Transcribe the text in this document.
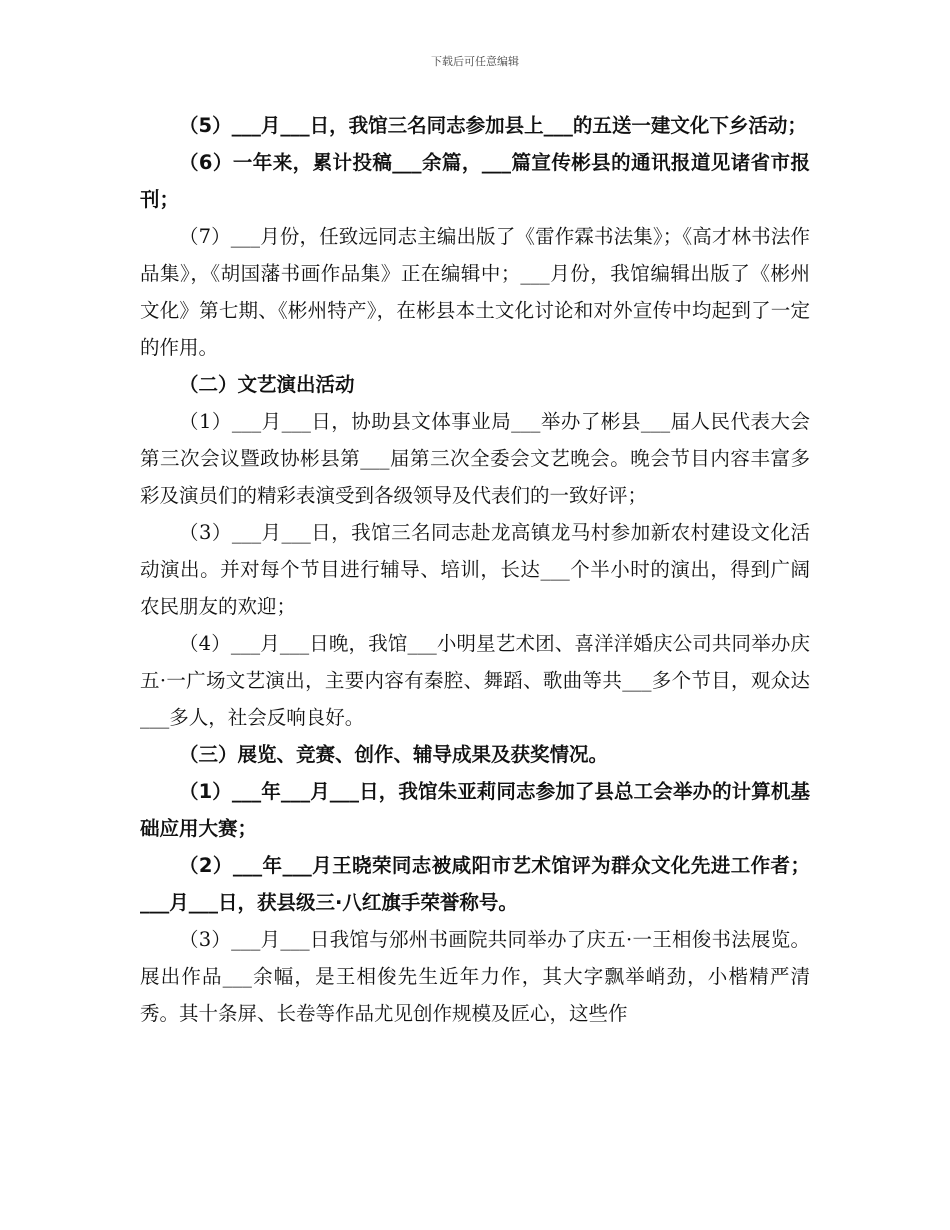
下载后可任意编辑

（5）___月___日，我馆三名同志参加县上___的五送一建文化下乡活动；

（6）一年来，累计投稿___余篇，___篇宣传彬县的通讯报道见诸省市报刊；

（7）___月份，任致远同志主编出版了《雷作霖书法集》；《高才林书法作品集》，《胡国藩书画作品集》正在编辑中；___月份，我馆编辑出版了《彬州文化》第七期、《彬州特产》，在彬县本土文化讨论和对外宣传中均起到了一定的作用。

（二）文艺演出活动

（1）___月___日，协助县文体事业局___举办了彬县___届人民代表大会第三次会议暨政协彬县第___届第三次全委会文艺晚会。晚会节目内容丰富多彩及演员们的精彩表演受到各级领导及代表们的一致好评；

（3）___月___日，我馆三名同志赴龙高镇龙马村参加新农村建设文化活动演出。并对每个节目进行辅导、培训，长达___个半小时的演出，得到广阔农民朋友的欢迎；

（4）___月___日晚，我馆___小明星艺术团、喜洋洋婚庆公司共同举办庆五·一广场文艺演出，主要内容有秦腔、舞蹈、歌曲等共___多个节目，观众达___多人，社会反响良好。

（三）展览、竞赛、创作、辅导成果及获奖情况。

（1）___年___月___日，我馆朱亚莉同志参加了县总工会举办的计算机基础应用大赛；

（2）___年___月王晓荣同志被咸阳市艺术馆评为群众文化先进工作者；___月___日，获县级三·八红旗手荣誉称号。

（3）___月___日我馆与邠州书画院共同举办了庆五·一王相俊书法展览。展出作品___余幅，是王相俊先生近年力作，其大字飘举峭劲，小楷精严清秀。其十条屏、长卷等作品尤见创作规模及匠心，这些作
